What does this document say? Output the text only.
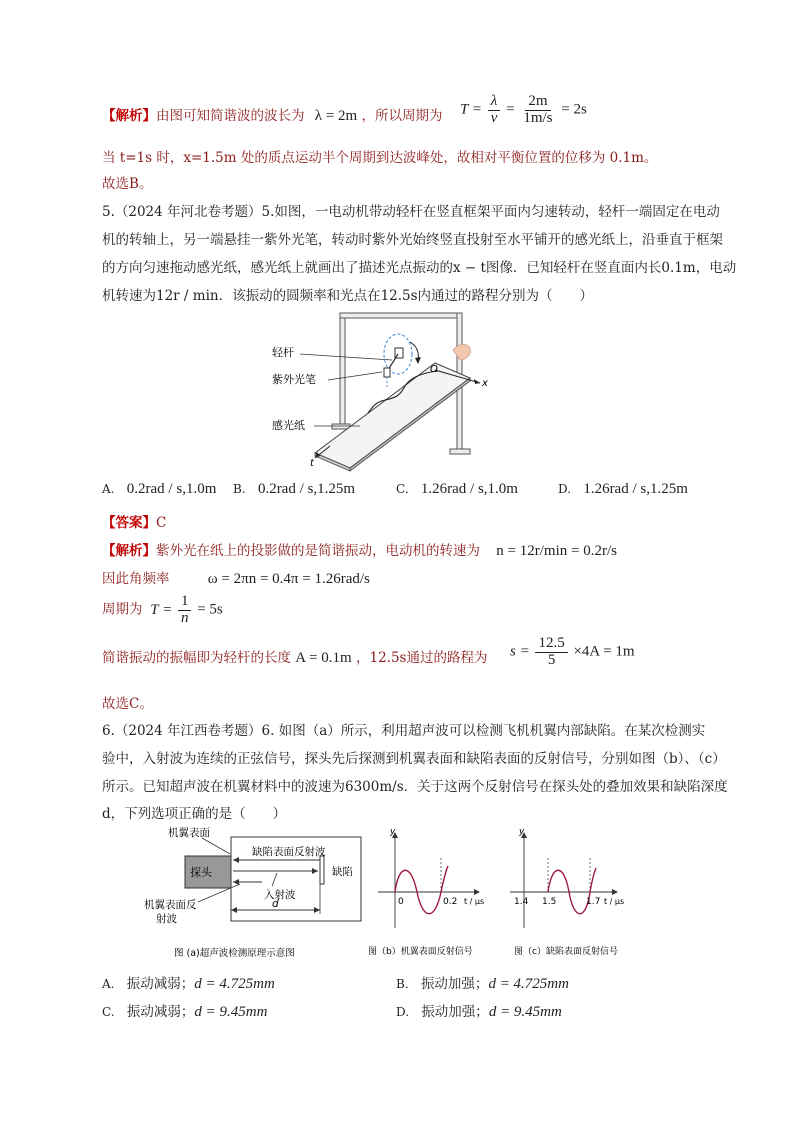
【解析】由图可知简谐波的波长为 λ = 2m ，所以周期为 $T = \frac{\lambda}{v} = \frac{2m}{1m/s} = 2s$
当 t=1s 时，x=1.5m 处的质点运动半个周期到达波峰处，故相对平衡位置的位移为 0.1m。
故选B。
5.（2024 年河北卷考题）5.如图，一电动机带动轻杆在竖直框架平面内匀速转动，轻杆一端固定在电动
机的转轴上，另一端悬挂一紫外光笔，转动时紫外光始终竖直投射至水平铺开的感光纸上，沿垂直于框架
的方向匀速拖动感光纸，感光纸上就画出了描述光点振动的x − t图像．已知轻杆在竖直面内长0.1m，电动
机转速为12r / min．该振动的圆频率和光点在12.5s内通过的路程分别为（　　）
x
t
O
轻杆
紫外光笔
感光纸
A. 0.2rad / s,1.0m B. 0.2rad / s,1.25m	C. 1.26rad / s,1.0m	D. 1.26rad / s,1.25m
【答案】C
【解析】紫外光在纸上的投影做的是简谐振动，电动机的转速为 n = 12r/min = 0.2r/s
因此角频率	ω = 2πn = 0.4π = 1.26rad/s
周期为 $T = \frac{1}{n} = 5s$
简谐振动的振幅即为轻杆的长度 A = 0.1m ，12.5s通过的路程为 $s = \frac{12.5}{5} \times 4A = 1m$
故选C。
6.（2024 年江西卷考题）6. 如图（a）所示，利用超声波可以检测飞机机翼内部缺陷。在某次检测实
验中，入射波为连续的正弦信号，探头先后探测到机翼表面和缺陷表面的反射信号，分别如图（b）、（c）
所示。已知超声波在机翼材料中的波速为6300m/s．关于这两个反射信号在探头处的叠加效果和缺陷深度
d，下列选项正确的是（　　）
机翼表面
探头
缺陷表面反射波
缺陷
入射波
机翼表面反
射波
d
图 (a)超声波检测原理示意图
y
0	0.2 t / μs
图（b）机翼表面反射信号
y
1.4 1.5	1.7 t / μs
图（c）缺陷表面反射信号
A. 振动减弱；d = 4.725mm	B. 振动加强；d = 4.725mm
C. 振动减弱；d = 9.45mm	D. 振动加强；d = 9.45mm
